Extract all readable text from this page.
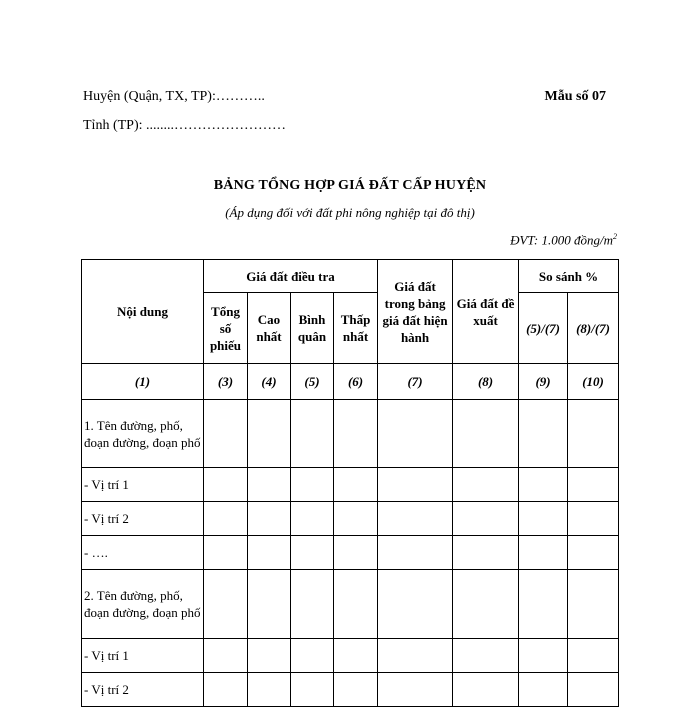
Huyện (Quận, TX, TP):………..
Tỉnh (TP): ........……………………
Mẫu số 07
BẢNG TỔNG HỢP GIÁ ĐẤT CẤP HUYỆN
(Áp dụng đối với đất phi nông nghiệp tại đô thị)
ĐVT: 1.000 đồng/$m^2$
Nội dung	Giá đất điều tra				Giá đất trong bảng giá đất hiện hành	Giá đất đề xuất	So sánh %	
	Tổng số phiếu	Cao nhất	Bình quân	Thấp nhất			(5)/(7)	(8)/(7)
(1)	(3)	(4)	(5)	(6)	(7)	(8)	(9)	(10)
1. Tên đường, phố, đoạn đường, đoạn phố								
- Vị trí 1								
- Vị trí 2								
- ….								
2. Tên đường, phố, đoạn đường, đoạn phố								
- Vị trí 1								
- Vị trí 2								
